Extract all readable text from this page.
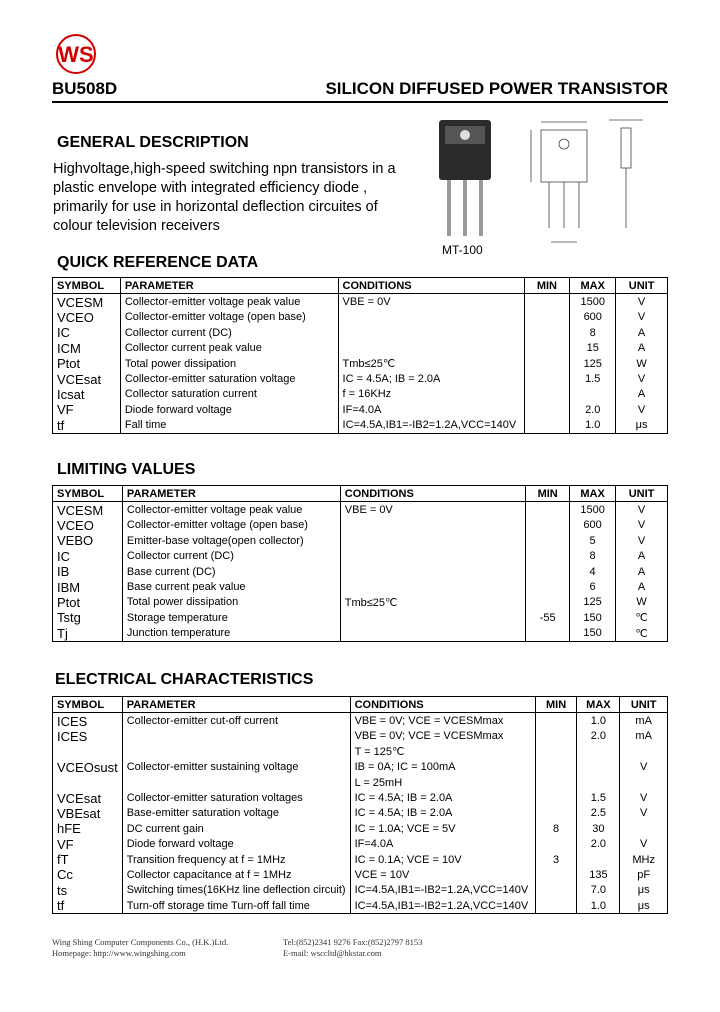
WS
BU508D	SILICON DIFFUSED POWER TRANSISTOR
GENERAL DESCRIPTION
Highvoltage,high-speed switching npn transistors in a plastic envelope with integrated efficiency diode , primarily for use in horizontal deflection circuites of colour television receivers
MT-100
QUICK REFERENCE DATA
SYMBOL	PARAMETER	CONDITIONS	MIN	MAX	UNIT
VCESM	Collector-emitter voltage peak value	VBE = 0V		1500	V
VCEO	Collector-emitter voltage (open base)			600	V
IC	Collector current (DC)			8	A
ICM	Collector current peak value			15	A
Ptot	Total power dissipation	Tmb≤25℃		125	W
VCEsat	Collector-emitter saturation voltage	IC = 4.5A; IB = 2.0A		1.5	V
Icsat	Collector saturation current	f = 16KHz			A
VF	Diode forward voltage	IF=4.0A		2.0	V
tf	Fall time	IC=4.5A,IB1=-IB2=1.2A,VCC=140V		1.0	μs
LIMITING VALUES
SYMBOL	PARAMETER	CONDITIONS	MIN	MAX	UNIT
VCESM	Collector-emitter voltage peak value	VBE = 0V		1500	V
VCEO	Collector-emitter voltage (open base)			600	V
VEBO	Emitter-base voltage(open collector)			5	V
IC	Collector current (DC)			8	A
IB	Base current (DC)			4	A
IBM	Base current peak value			6	A
Ptot	Total power dissipation	Tmb≤25℃		125	W
Tstg	Storage temperature		-55	150	℃
Tj	Junction temperature			150	℃
ELECTRICAL CHARACTERISTICS
SYMBOL	PARAMETER	CONDITIONS	MIN	MAX	UNIT
ICES	Collector-emitter cut-off current	VBE = 0V; VCE = VCESMmax		1.0	mA
ICES		VBE = 0V; VCE = VCESMmax		2.0	mA
		T = 125℃			
VCEOsust	Collector-emitter sustaining voltage	IB = 0A; IC = 100mA			V
		L = 25mH			
VCEsat	Collector-emitter saturation voltages	IC = 4.5A; IB = 2.0A		1.5	V
VBEsat	Base-emitter saturation voltage	IC = 4.5A; IB = 2.0A		2.5	V
hFE	DC current gain	IC = 1.0A; VCE = 5V	8	30	
VF	Diode forward voltage	IF=4.0A		2.0	V
fT	Transition frequency at f = 1MHz	IC = 0.1A; VCE = 10V	3		MHz
Cc	Collector capacitance at f = 1MHz	VCE = 10V		135	pF
ts	Switching times(16KHz line deflection circuit)	IC=4.5A,IB1=-IB2=1.2A,VCC=140V		7.0	μs
tf	Turn-off storage time Turn-off fall time	IC=4.5A,IB1=-IB2=1.2A,VCC=140V		1.0	μs
Wing Shing Computer Components Co., (H.K.)Ltd.	Tel:(852)2341 9276 Fax:(852)2797 8153
Homepage: http://www.wingshing.com	E-mail: wsccltd@hkstar.com
